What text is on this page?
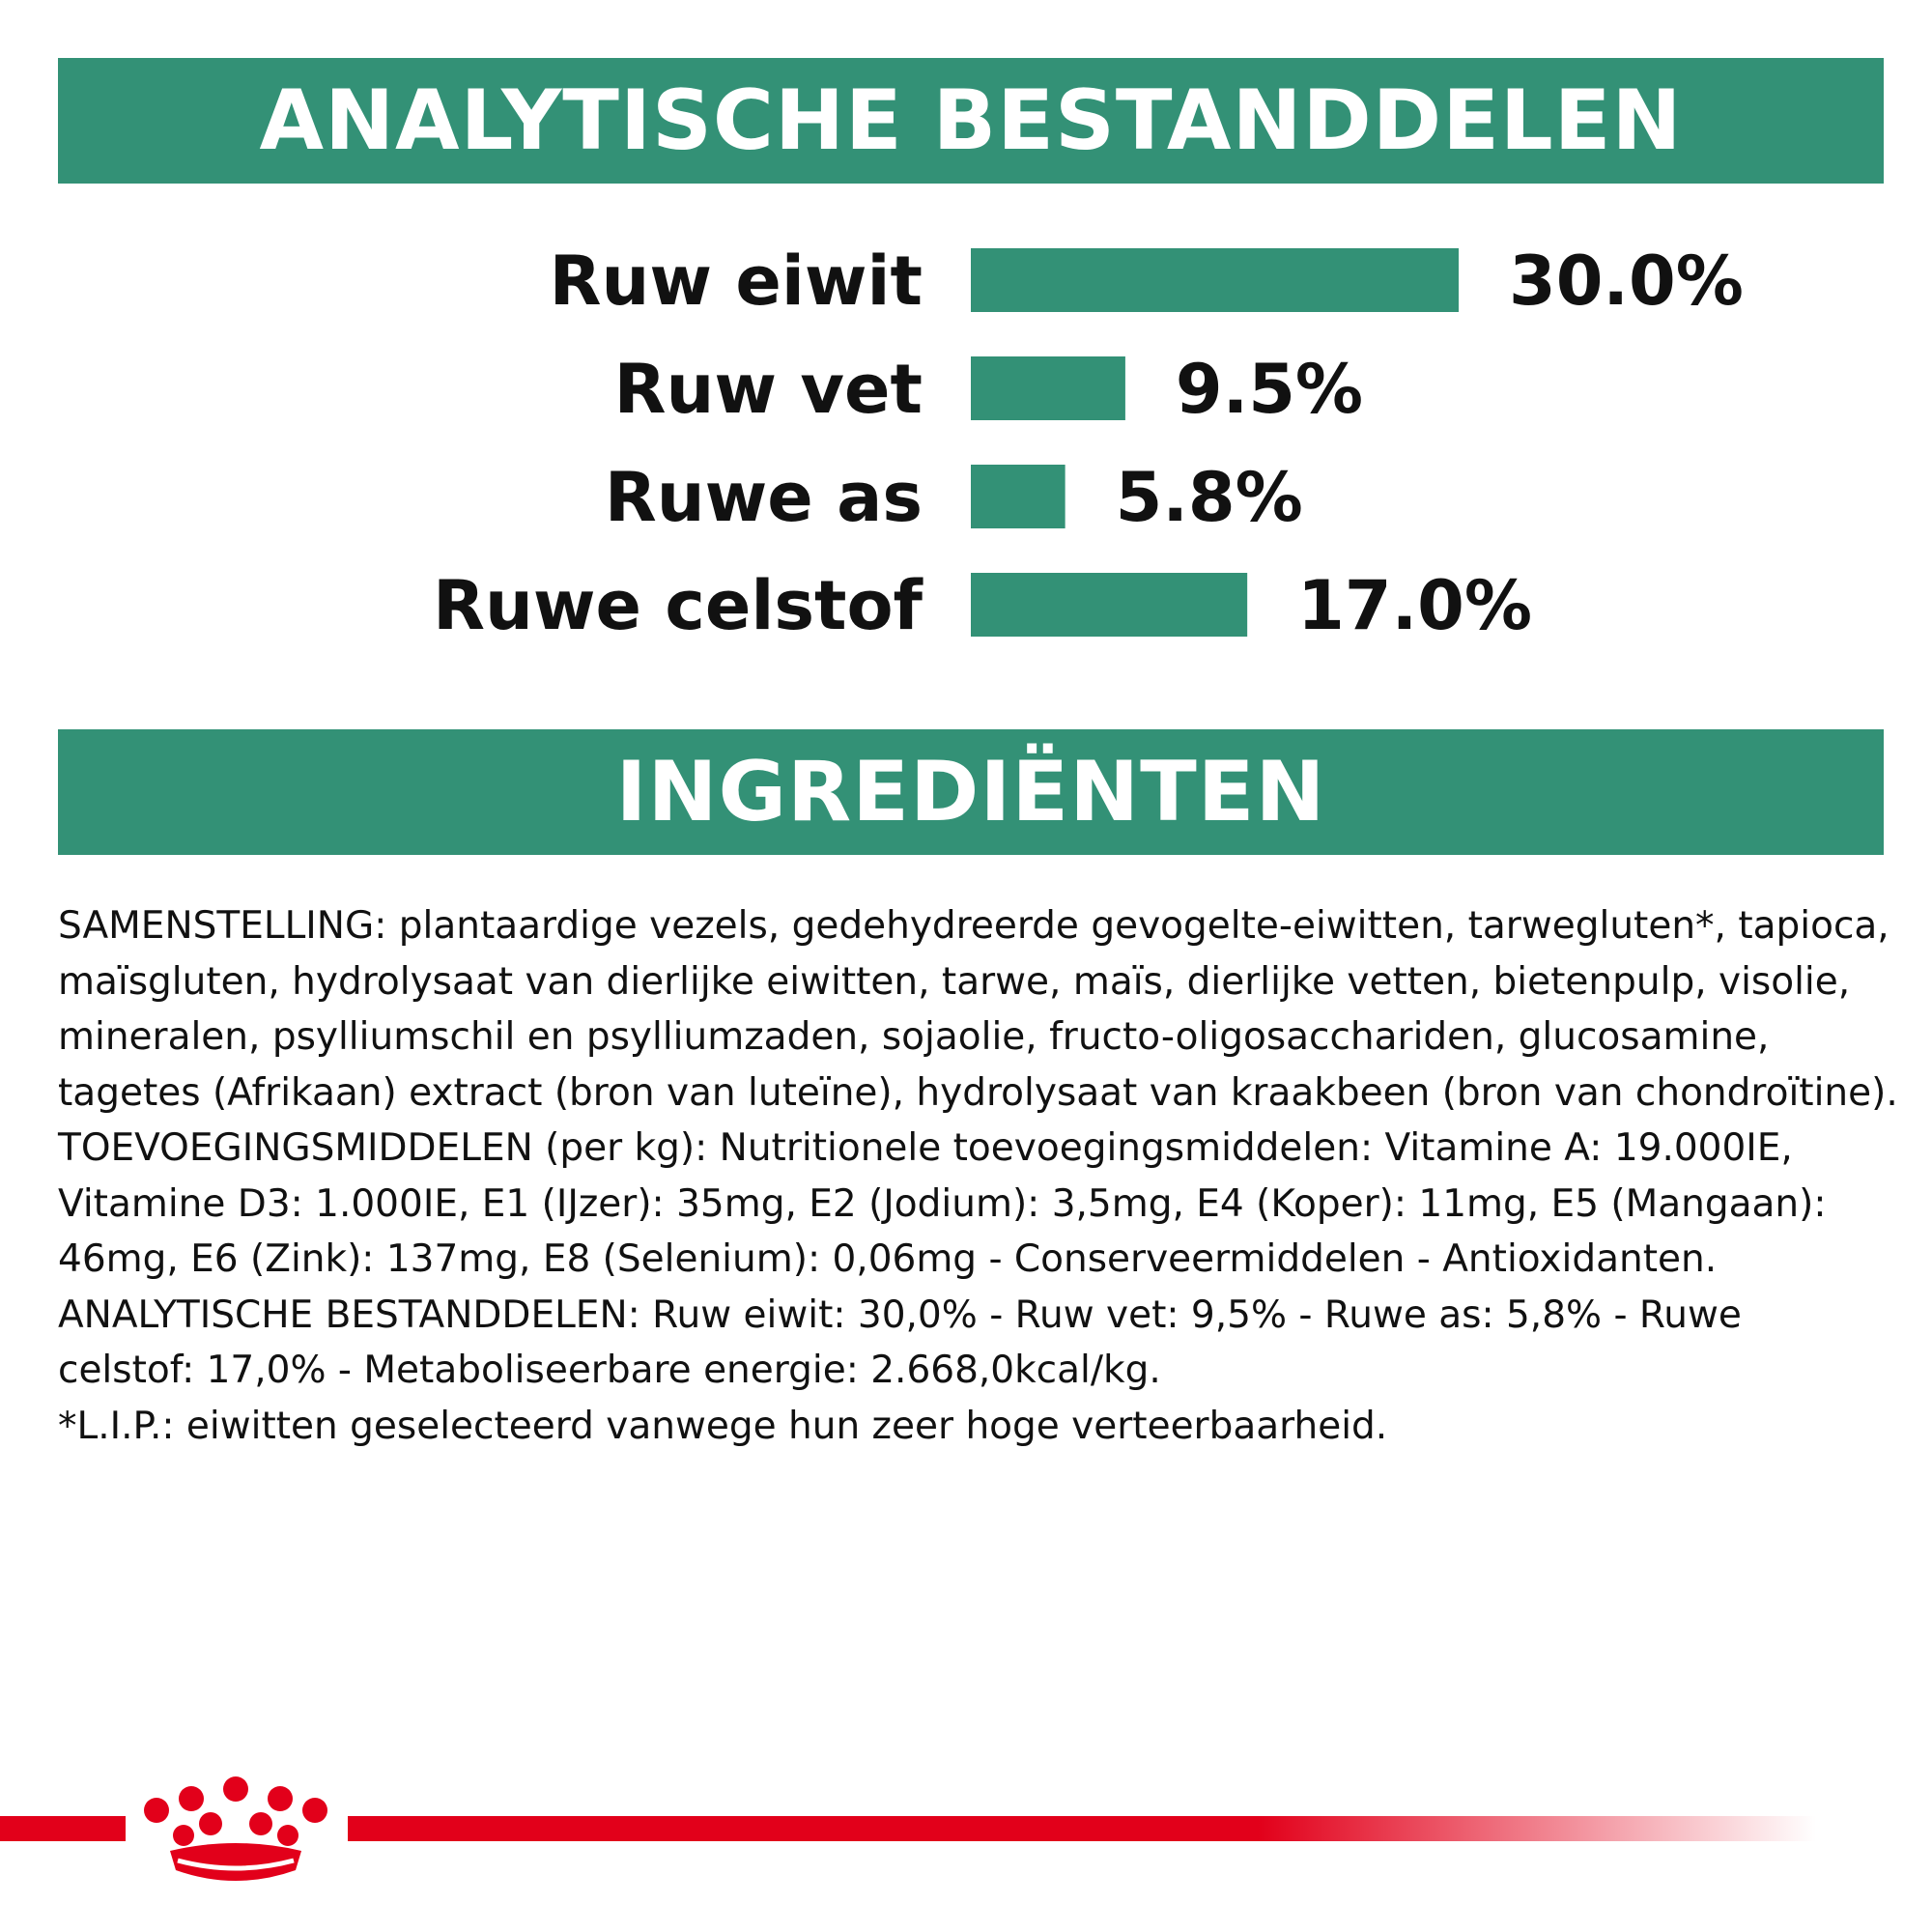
ANALYTISCHE BESTANDDELEN
Ruw eiwit	30.0%
Ruw vet	9.5%
Ruwe as	5.8%
Ruwe celstof	17.0%
INGREDIËNTEN

SAMENSTELLING: plantaardige vezels, gedehydreerde gevogelte-eiwitten, tarwegluten*, tapioca,

maïsgluten, hydrolysaat van dierlijke eiwitten, tarwe, maïs, dierlijke vetten, bietenpulp, visolie,

mineralen, psylliumschil en psylliumzaden, sojaolie, fructo-oligosacchariden, glucosamine,

tagetes (Afrikaan) extract (bron van luteïne), hydrolysaat van kraakbeen (bron van chondroïtine).

TOEVOEGINGSMIDDELEN (per kg): Nutritionele toevoegingsmiddelen: Vitamine A: 19.000IE,

Vitamine D3: 1.000IE, E1 (IJzer): 35mg, E2 (Jodium): 3,5mg, E4 (Koper): 11mg, E5 (Mangaan):

46mg, E6 (Zink): 137mg, E8 (Selenium): 0,06mg - Conserveermiddelen - Antioxidanten.

ANALYTISCHE BESTANDDELEN: Ruw eiwit: 30,0% - Ruw vet: 9,5% - Ruwe as: 5,8% - Ruwe

celstof: 17,0% - Metaboliseerbare energie: 2.668,0kcal/kg.

*L.I.P.: eiwitten geselecteerd vanwege hun zeer hoge verteerbaarheid.
